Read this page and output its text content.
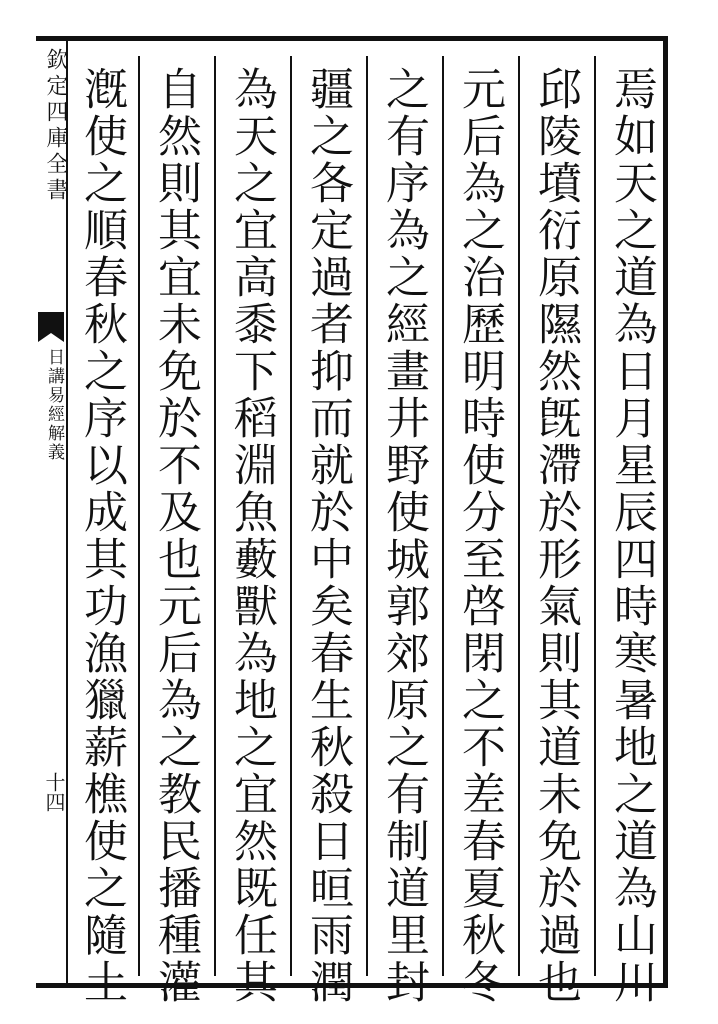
欽定四庫全書
日講易經解義
十四	焉如天之道為日月星辰四時寒暑地之道為山川
邱陵墳衍原隰然旣滯於形氣則其道未免於過也
元后為之治歷明時使分至啓閉之不差春夏秋冬
之有序為之經畫井野使城郭郊原之有制道里封
疆之各定過者抑而就於中矣春生秋殺日晅雨潤
為天之宜高黍下稻淵魚藪獸為地之宜然既任其
自然則其宜未免於不及也元后為之教民播種灌
漑使之順春秋之序以成其功漁獵薪樵使之隨土
